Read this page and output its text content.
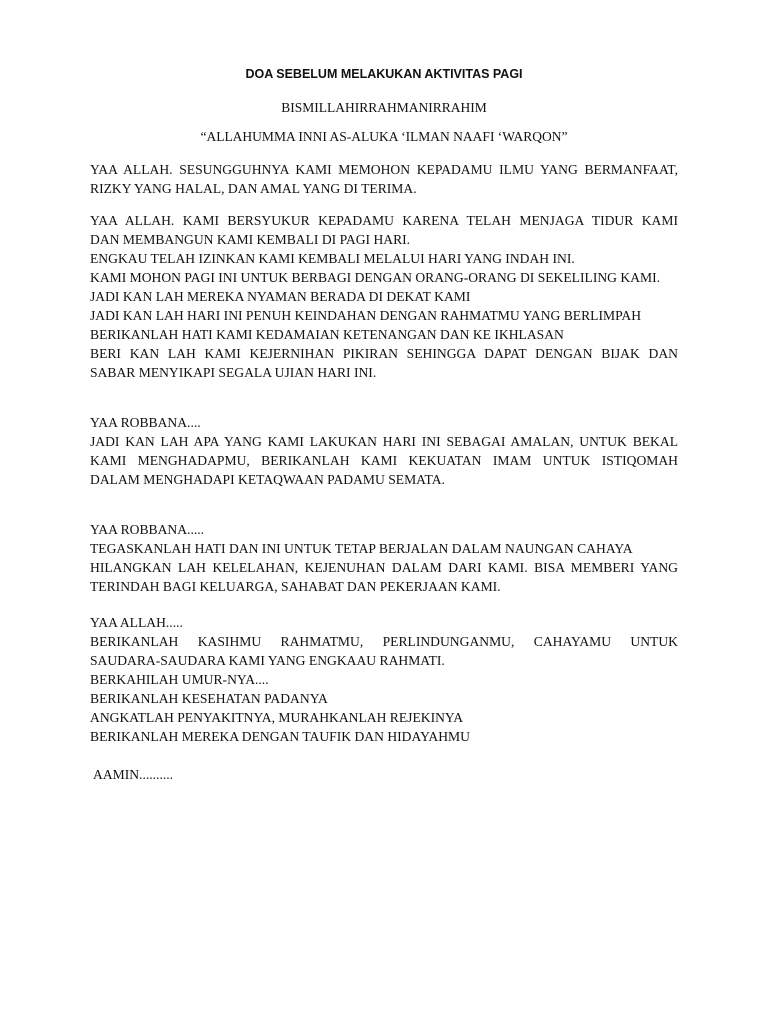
DOA SEBELUM MELAKUKAN AKTIVITAS PAGI
BISMILLAHIRRAHMANIRRAHIM
“ALLAHUMMA INNI AS-ALUKA ‘ILMAN NAAFI ‘WARQON”
YAA ALLAH. SESUNGGUHNYA KAMI MEMOHON KEPADAMU ILMU YANG BERMANFAAT,
RIZKY YANG HALAL, DAN AMAL YANG DI TERIMA.
YAA ALLAH. KAMI BERSYUKUR KEPADAMU KARENA TELAH MENJAGA TIDUR KAMI
DAN MEMBANGUN KAMI KEMBALI DI PAGI HARI.
ENGKAU TELAH IZINKAN KAMI KEMBALI MELALUI HARI YANG INDAH INI.
KAMI MOHON PAGI INI UNTUK BERBAGI DENGAN ORANG-ORANG DI SEKELILING KAMI.
JADI KAN LAH MEREKA NYAMAN BERADA DI DEKAT KAMI
JADI KAN LAH HARI INI PENUH KEINDAHAN DENGAN RAHMATMU YANG BERLIMPAH
BERIKANLAH HATI KAMI KEDAMAIAN KETENANGAN DAN KE IKHLASAN
BERI KAN LAH KAMI KEJERNIHAN PIKIRAN SEHINGGA DAPAT DENGAN BIJAK DAN
SABAR MENYIKAPI SEGALA UJIAN HARI INI.
YAA ROBBANA....
JADI KAN LAH APA YANG KAMI LAKUKAN HARI INI SEBAGAI AMALAN, UNTUK BEKAL
KAMI MENGHADAPMU, BERIKANLAH KAMI KEKUATAN IMAM UNTUK ISTIQOMAH
DALAM MENGHADAPI KETAQWAAN PADAMU SEMATA.
YAA ROBBANA.....
TEGASKANLAH HATI DAN INI UNTUK TETAP BERJALAN DALAM NAUNGAN CAHAYA
HILANGKAN LAH KELELAHAN, KEJENUHAN DALAM DARI KAMI. BISA MEMBERI YANG
TERINDAH BAGI KELUARGA, SAHABAT DAN PEKERJAAN KAMI.
YAA ALLAH.....
BERIKANLAH KASIHMU RAHMATMU, PERLINDUNGANMU, CAHAYAMU UNTUK
SAUDARA-SAUDARA KAMI YANG ENGKAAU RAHMATI.
BERKAHILAH UMUR-NYA....
BERIKANLAH KESEHATAN PADANYA
ANGKATLAH PENYAKITNYA, MURAHKANLAH REJEKINYA
BERIKANLAH MEREKA DENGAN TAUFIK DAN HIDAYAHMU
AAMIN..........
